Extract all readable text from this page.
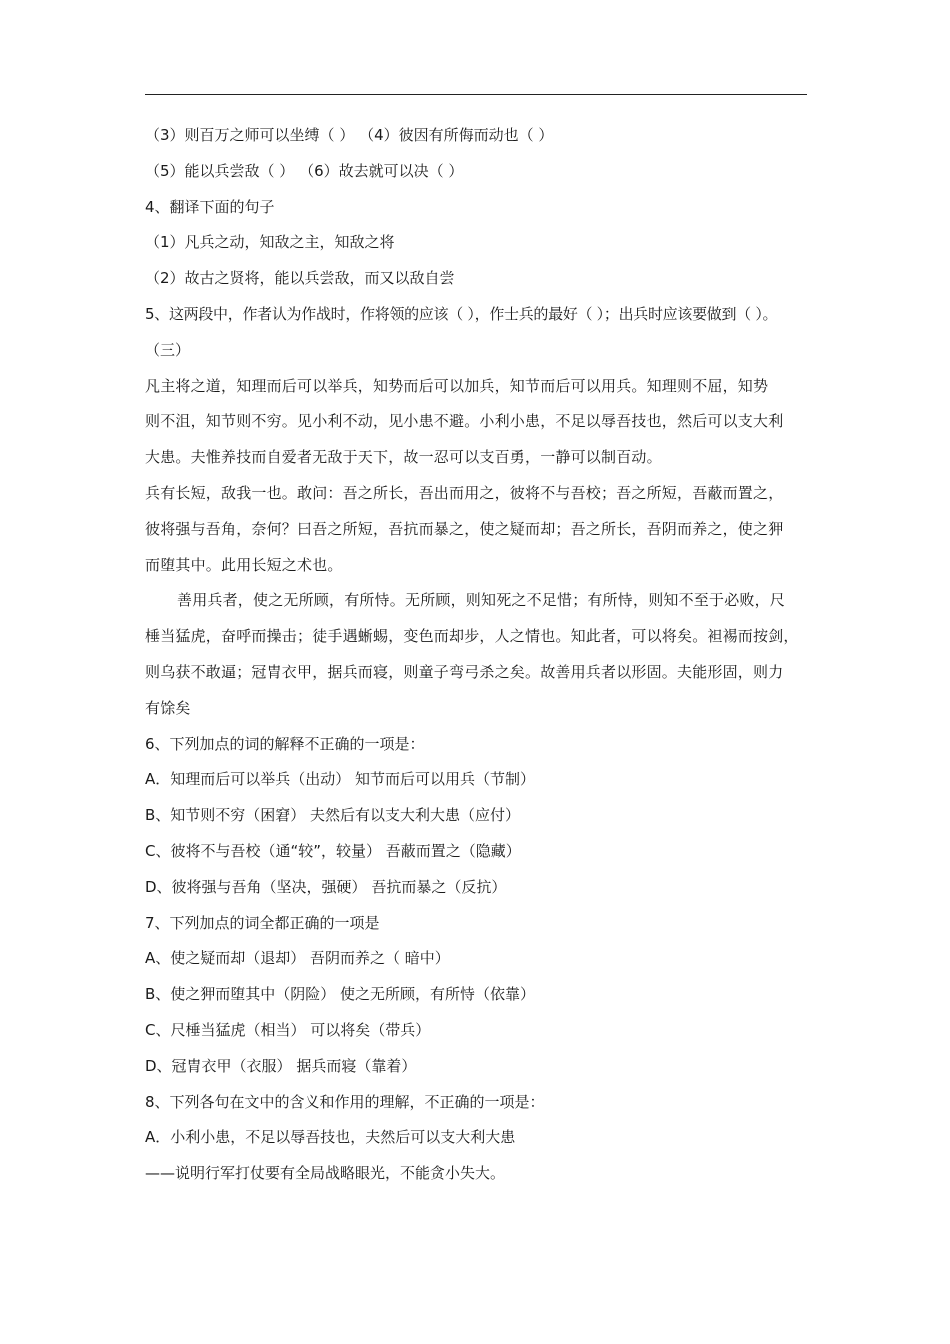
（3）则百万之师可以坐缚（ ） （4）彼因有所侮而动也（ ）
（5）能以兵尝敌（ ） （6）故去就可以决（ ）
4、翻译下面的句子
（1）凡兵之动，知敌之主，知敌之将
（2）故古之贤将，能以兵尝敌，而又以敌自尝
5、这两段中，作者认为作战时，作将领的应该（ ），作士兵的最好（ ）；出兵时应该要做到（ ）。
（三）
凡主将之道，知理而后可以举兵，知势而后可以加兵，知节而后可以用兵。知理则不屈，知势
则不沮，知节则不穷。见小利不动，见小患不避。小利小患，不足以辱吾技也，然后可以支大利
大患。夫惟养技而自爱者无敌于天下，故一忍可以支百勇，一静可以制百动。
兵有长短，敌我一也。敢问：吾之所长，吾出而用之，彼将不与吾校；吾之所短，吾蔽而置之，
彼将强与吾角，奈何？曰吾之所短，吾抗而暴之，使之疑而却；吾之所长，吾阴而养之，使之狎
而堕其中。此用长短之术也。
善用兵者，使之无所顾，有所恃。无所顾，则知死之不足惜；有所恃，则知不至于必败，尺
棰当猛虎，奋呼而操击；徒手遇蜥蜴，变色而却步，人之情也。知此者，可以将矣。袒裼而按剑，
则乌获不敢逼；冠胄衣甲，据兵而寝，则童子弯弓杀之矣。故善用兵者以形固。夫能形固，则力
有馀矣
6、下列加点的词的解释不正确的一项是：
A．知理而后可以举兵（出动） 知节而后可以用兵（节制）
B、知节则不穷（困窘） 夫然后有以支大利大患（应付）
C、彼将不与吾校（通“较”，较量） 吾蔽而置之（隐藏）
D、彼将强与吾角（坚决，强硬） 吾抗而暴之（反抗）
7、下列加点的词全都正确的一项是
A、使之疑而却（退却） 吾阴而养之（ 暗中）
B、使之狎而堕其中（阴险） 使之无所顾，有所恃（依靠）
C、尺棰当猛虎（相当） 可以将矣（带兵）
D、冠胄衣甲（衣服） 据兵而寝（靠着）
8、下列各句在文中的含义和作用的理解，不正确的一项是：
A．小利小患，不足以辱吾技也，夫然后可以支大利大患
——说明行军打仗要有全局战略眼光，不能贪小失大。
